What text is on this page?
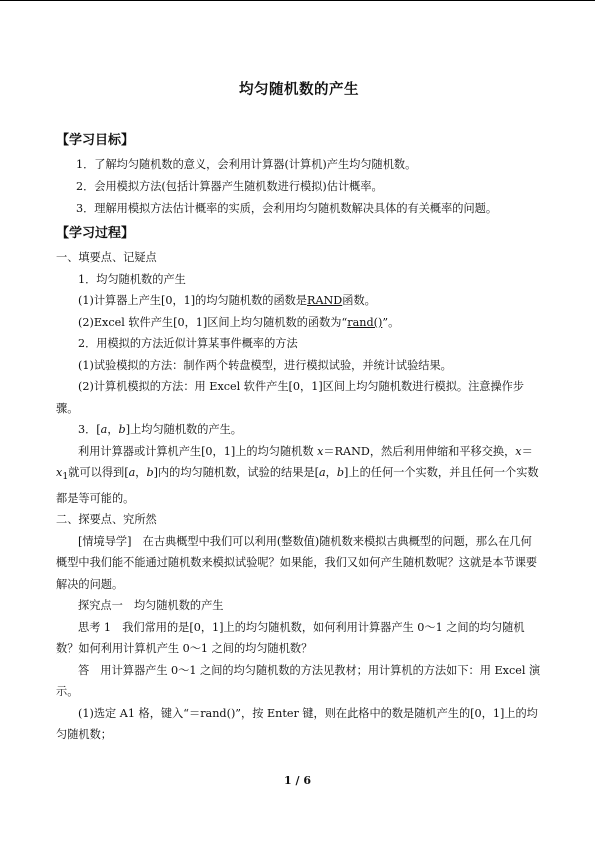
均匀随机数的产生
【学习目标】

1．了解均匀随机数的意义，会利用计算器(计算机)产生均匀随机数。

2．会用模拟方法(包括计算器产生随机数进行模拟)估计概率。

3．理解用模拟方法估计概率的实质，会利用均匀随机数解决具体的有关概率的问题。

【学习过程】

一、填要点、记疑点

1．均匀随机数的产生

(1)计算器上产生[0，1]的均匀随机数的函数是RAND函数。

(2)Excel 软件产生[0，1]区间上均匀随机数的函数为“rand()”。

2．用模拟的方法近似计算某事件概率的方法

(1)试验模拟的方法：制作两个转盘模型，进行模拟试验，并统计试验结果。

(2)计算机模拟的方法：用 Excel 软件产生[0，1]区间上均匀随机数进行模拟。注意操作步骤。

3．[a，b]上均匀随机数的产生。

利用计算器或计算机产生[0，1]上的均匀随机数 x＝RAND，然后利用伸缩和平移交换，$x=x_1$就可以得到[a，b]内的均匀随机数，试验的结果是[a，b]上的任何一个实数，并且任何一个实数都是等可能的。

二、探要点、究所然

[情境导学]　在古典概型中我们可以利用(整数值)随机数来模拟古典概型的问题，那么在几何概型中我们能不能通过随机数来模拟试验呢？如果能，我们又如何产生随机数呢？这就是本节课要解决的问题。

探究点一　均匀随机数的产生

思考 1　我们常用的是[0，1]上的均匀随机数，如何利用计算器产生 0～1 之间的均匀随机数？如何利用计算机产生 0～1 之间的均匀随机数？

答　用计算器产生 0～1 之间的均匀随机数的方法见教材；用计算机的方法如下：用 Excel 演示。

(1)选定 A1 格，键入“＝rand()”，按 Enter 键，则在此格中的数是随机产生的[0，1]上的均匀随机数；

1 / 6
